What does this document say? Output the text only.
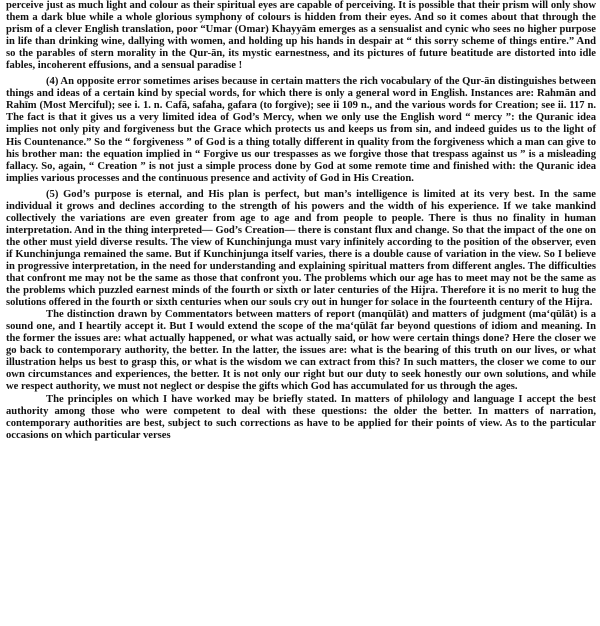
perceive just as much light and colour as their spiritual eyes are capable of perceiving. It is possible that their prism will only show them a dark blue while a whole glorious symphony of colours is hidden from their eyes. And so it comes about that through the prism of a clever English translation, poor “Umar (Omar) Khayyām emerges as a sensualist and cynic who sees no higher purpose in life than drinking wine, dallying with women, and holding up his hands in despair at “ this sorry scheme of things entire.” And so the parables of stern morality in the Qur-ān, its mystic earnestness, and its pictures of future beatitude are distorted into idle fables, incoherent effusions, and a sensual paradise !

(4) An opposite error sometimes arises because in certain matters the rich vocabulary of the Qur-ān distinguishes between things and ideas of a certain kind by special words, for which there is only a general word in English. Instances are: Rahmān and Rahīm (Most Merciful); see i. 1. n. Cafā, safaha, gafara (to forgive); see ii 109 n., and the various words for Creation; see ii. 117 n. The fact is that it gives us a very limited idea of God’s Mercy, when we only use the English word “ mercy ”: the Quranic idea implies not only pity and forgiveness but the Grace which protects us and keeps us from sin, and indeed guides us to the light of His Countenance.” So the “ forgiveness ” of God is a thing totally different in quality from the forgiveness which a man can give to his brother man: the equation implied in “ Forgive us our trespasses as we forgive those that trespass against us ” is a misleading fallacy. So, again, “ Creation ” is not just a simple process done by God at some remote time and finished with: the Quranic idea implies various processes and the continuous presence and activity of God in His Creation.

(5) God’s purpose is eternal, and His plan is perfect, but man’s intelligence is limited at its very best. In the same individual it grows and declines according to the strength of his powers and the width of his experience. If we take mankind collectively the variations are even greater from age to age and from people to people. There is thus no finality in human interpretation. And in the thing interpreted— God’s Creation— there is constant flux and change. So that the impact of the one on the other must yield diverse results. The view of Kunchinjunga must vary infinitely according to the position of the observer, even if Kunchinjunga remained the same. But if Kunchinjunga itself varies, there is a double cause of variation in the view. So I believe in progressive interpretation, in the need for understanding and explaining spiritual matters from different angles. The difficulties that confront me may not be the same as those that confront you. The problems which our age has to meet may not be the same as the problems which puzzled earnest minds of the fourth or sixth or later centuries of the Hijra. Therefore it is no merit to hug the solutions offered in the fourth or sixth centuries when our souls cry out in hunger for solace in the fourteenth century of the Hijra.

The distinction drawn by Commentators between matters of report (manqūlāt) and matters of judgment (ma‘qūlāt) is a sound one, and I heartily accept it. But I would extend the scope of the ma‘qūlāt far beyond questions of idiom and meaning. In the former the issues are: what actually happened, or what was actually said, or how were certain things done? Here the closer we go back to contemporary authority, the better. In the latter, the issues are: what is the bearing of this truth on our lives, or what illustration helps us best to grasp this, or what is the wisdom we can extract from this? In such matters, the closer we come to our own circumstances and experiences, the better. It is not only our right but our duty to seek honestly our own solutions, and while we respect authority, we must not neglect or despise the gifts which God has accumulated for us through the ages.

The principles on which I have worked may be briefly stated. In matters of philology and language I accept the best authority among those who were competent to deal with these questions: the older the better. In matters of narration, contemporary authorities are best, subject to such corrections as have to be applied for their points of view. As to the particular occasions on which particular verses
